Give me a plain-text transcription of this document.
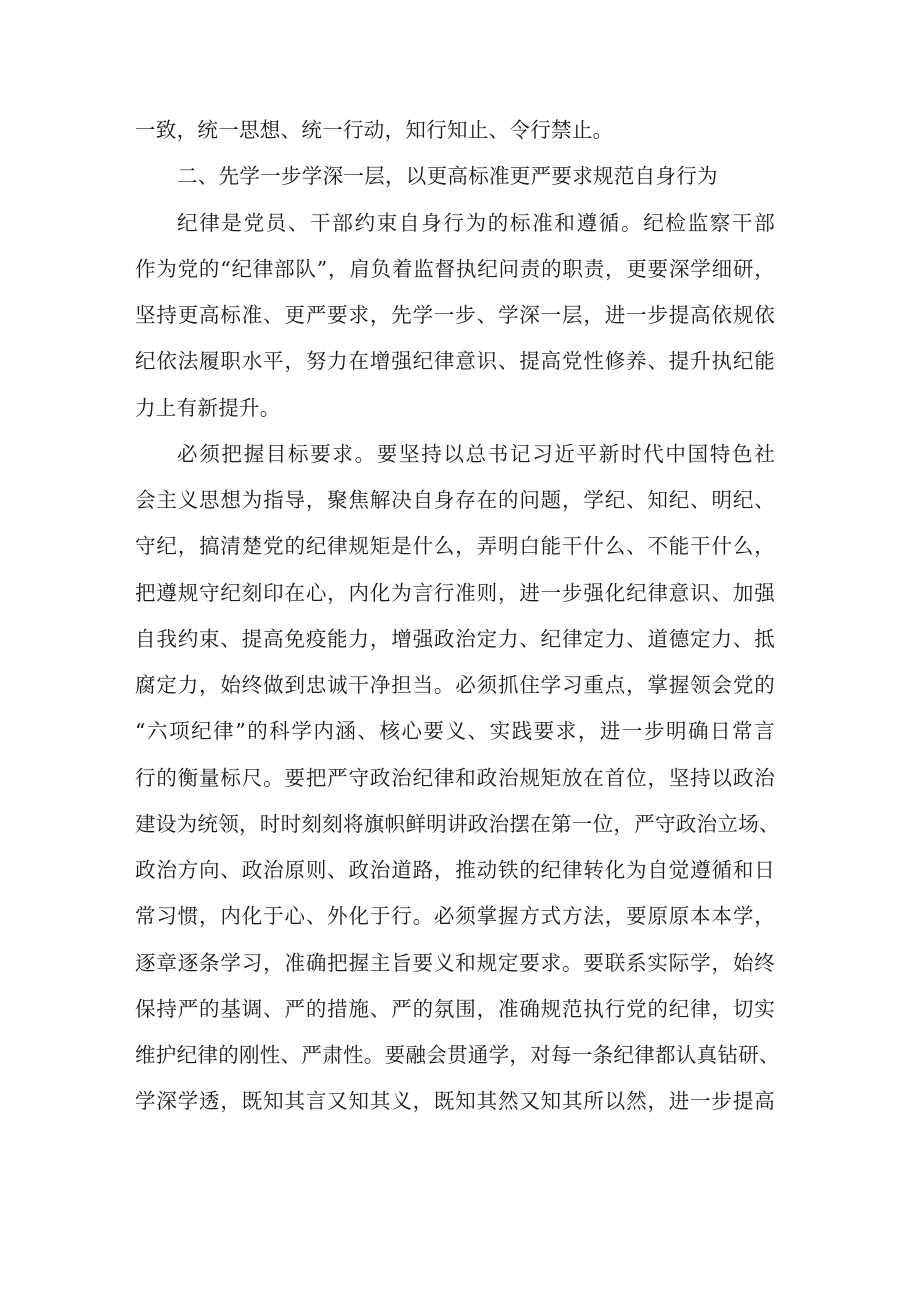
一致，统一思想、统一行动，知行知止、令行禁止。
二、先学一步学深一层，以更高标准更严要求规范自身行为
纪律是党员、干部约束自身行为的标准和遵循。纪检监察干部
作为党的“纪律部队”，肩负着监督执纪问责的职责，更要深学细研，
坚持更高标准、更严要求，先学一步、学深一层，进一步提高依规依
纪依法履职水平，努力在增强纪律意识、提高党性修养、提升执纪能
力上有新提升。
必须把握目标要求。要坚持以总书记习近平新时代中国特色社
会主义思想为指导，聚焦解决自身存在的问题，学纪、知纪、明纪、
守纪，搞清楚党的纪律规矩是什么，弄明白能干什么、不能干什么，
把遵规守纪刻印在心，内化为言行准则，进一步强化纪律意识、加强
自我约束、提高免疫能力，增强政治定力、纪律定力、道德定力、抵
腐定力，始终做到忠诚干净担当。必须抓住学习重点，掌握领会党的
“六项纪律”的科学内涵、核心要义、实践要求，进一步明确日常言
行的衡量标尺。要把严守政治纪律和政治规矩放在首位，坚持以政治
建设为统领，时时刻刻将旗帜鲜明讲政治摆在第一位，严守政治立场、
政治方向、政治原则、政治道路，推动铁的纪律转化为自觉遵循和日
常习惯，内化于心、外化于行。必须掌握方式方法，要原原本本学，
逐章逐条学习，准确把握主旨要义和规定要求。要联系实际学，始终
保持严的基调、严的措施、严的氛围，准确规范执行党的纪律，切实
维护纪律的刚性、严肃性。要融会贯通学，对每一条纪律都认真钻研、
学深学透，既知其言又知其义，既知其然又知其所以然，进一步提高
